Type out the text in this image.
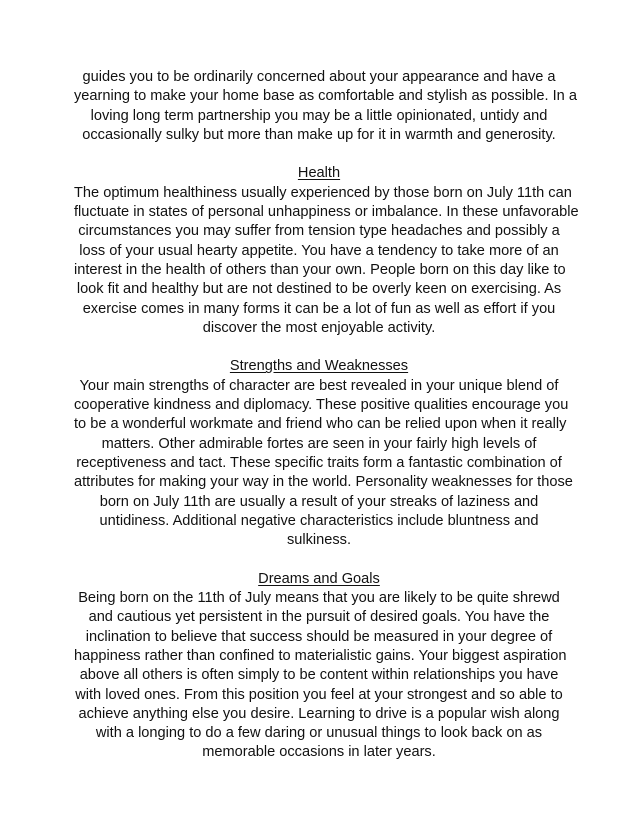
guides you to be ordinarily concerned about your appearance and have a
yearning to make your home base as comfortable and stylish as possible. In a
loving long term partnership you may be a little opinionated, untidy and
occasionally sulky but more than make up for it in warmth and generosity.

Health

The optimum healthiness usually experienced by those born on July 11th can
fluctuate in states of personal unhappiness or imbalance. In these unfavorable
circumstances you may suffer from tension type headaches and possibly a
loss of your usual hearty appetite. You have a tendency to take more of an
interest in the health of others than your own. People born on this day like to
look fit and healthy but are not destined to be overly keen on exercising. As
exercise comes in many forms it can be a lot of fun as well as effort if you
discover the most enjoyable activity.

Strengths and Weaknesses

Your main strengths of character are best revealed in your unique blend of
cooperative kindness and diplomacy. These positive qualities encourage you
to be a wonderful workmate and friend who can be relied upon when it really
matters. Other admirable fortes are seen in your fairly high levels of
receptiveness and tact. These specific traits form a fantastic combination of
attributes for making your way in the world. Personality weaknesses for those
born on July 11th are usually a result of your streaks of laziness and
untidiness. Additional negative characteristics include bluntness and
sulkiness.

Dreams and Goals

Being born on the 11th of July means that you are likely to be quite shrewd
and cautious yet persistent in the pursuit of desired goals. You have the
inclination to believe that success should be measured in your degree of
happiness rather than confined to materialistic gains. Your biggest aspiration
above all others is often simply to be content within relationships you have
with loved ones. From this position you feel at your strongest and so able to
achieve anything else you desire. Learning to drive is a popular wish along
with a longing to do a few daring or unusual things to look back on as
memorable occasions in later years.
